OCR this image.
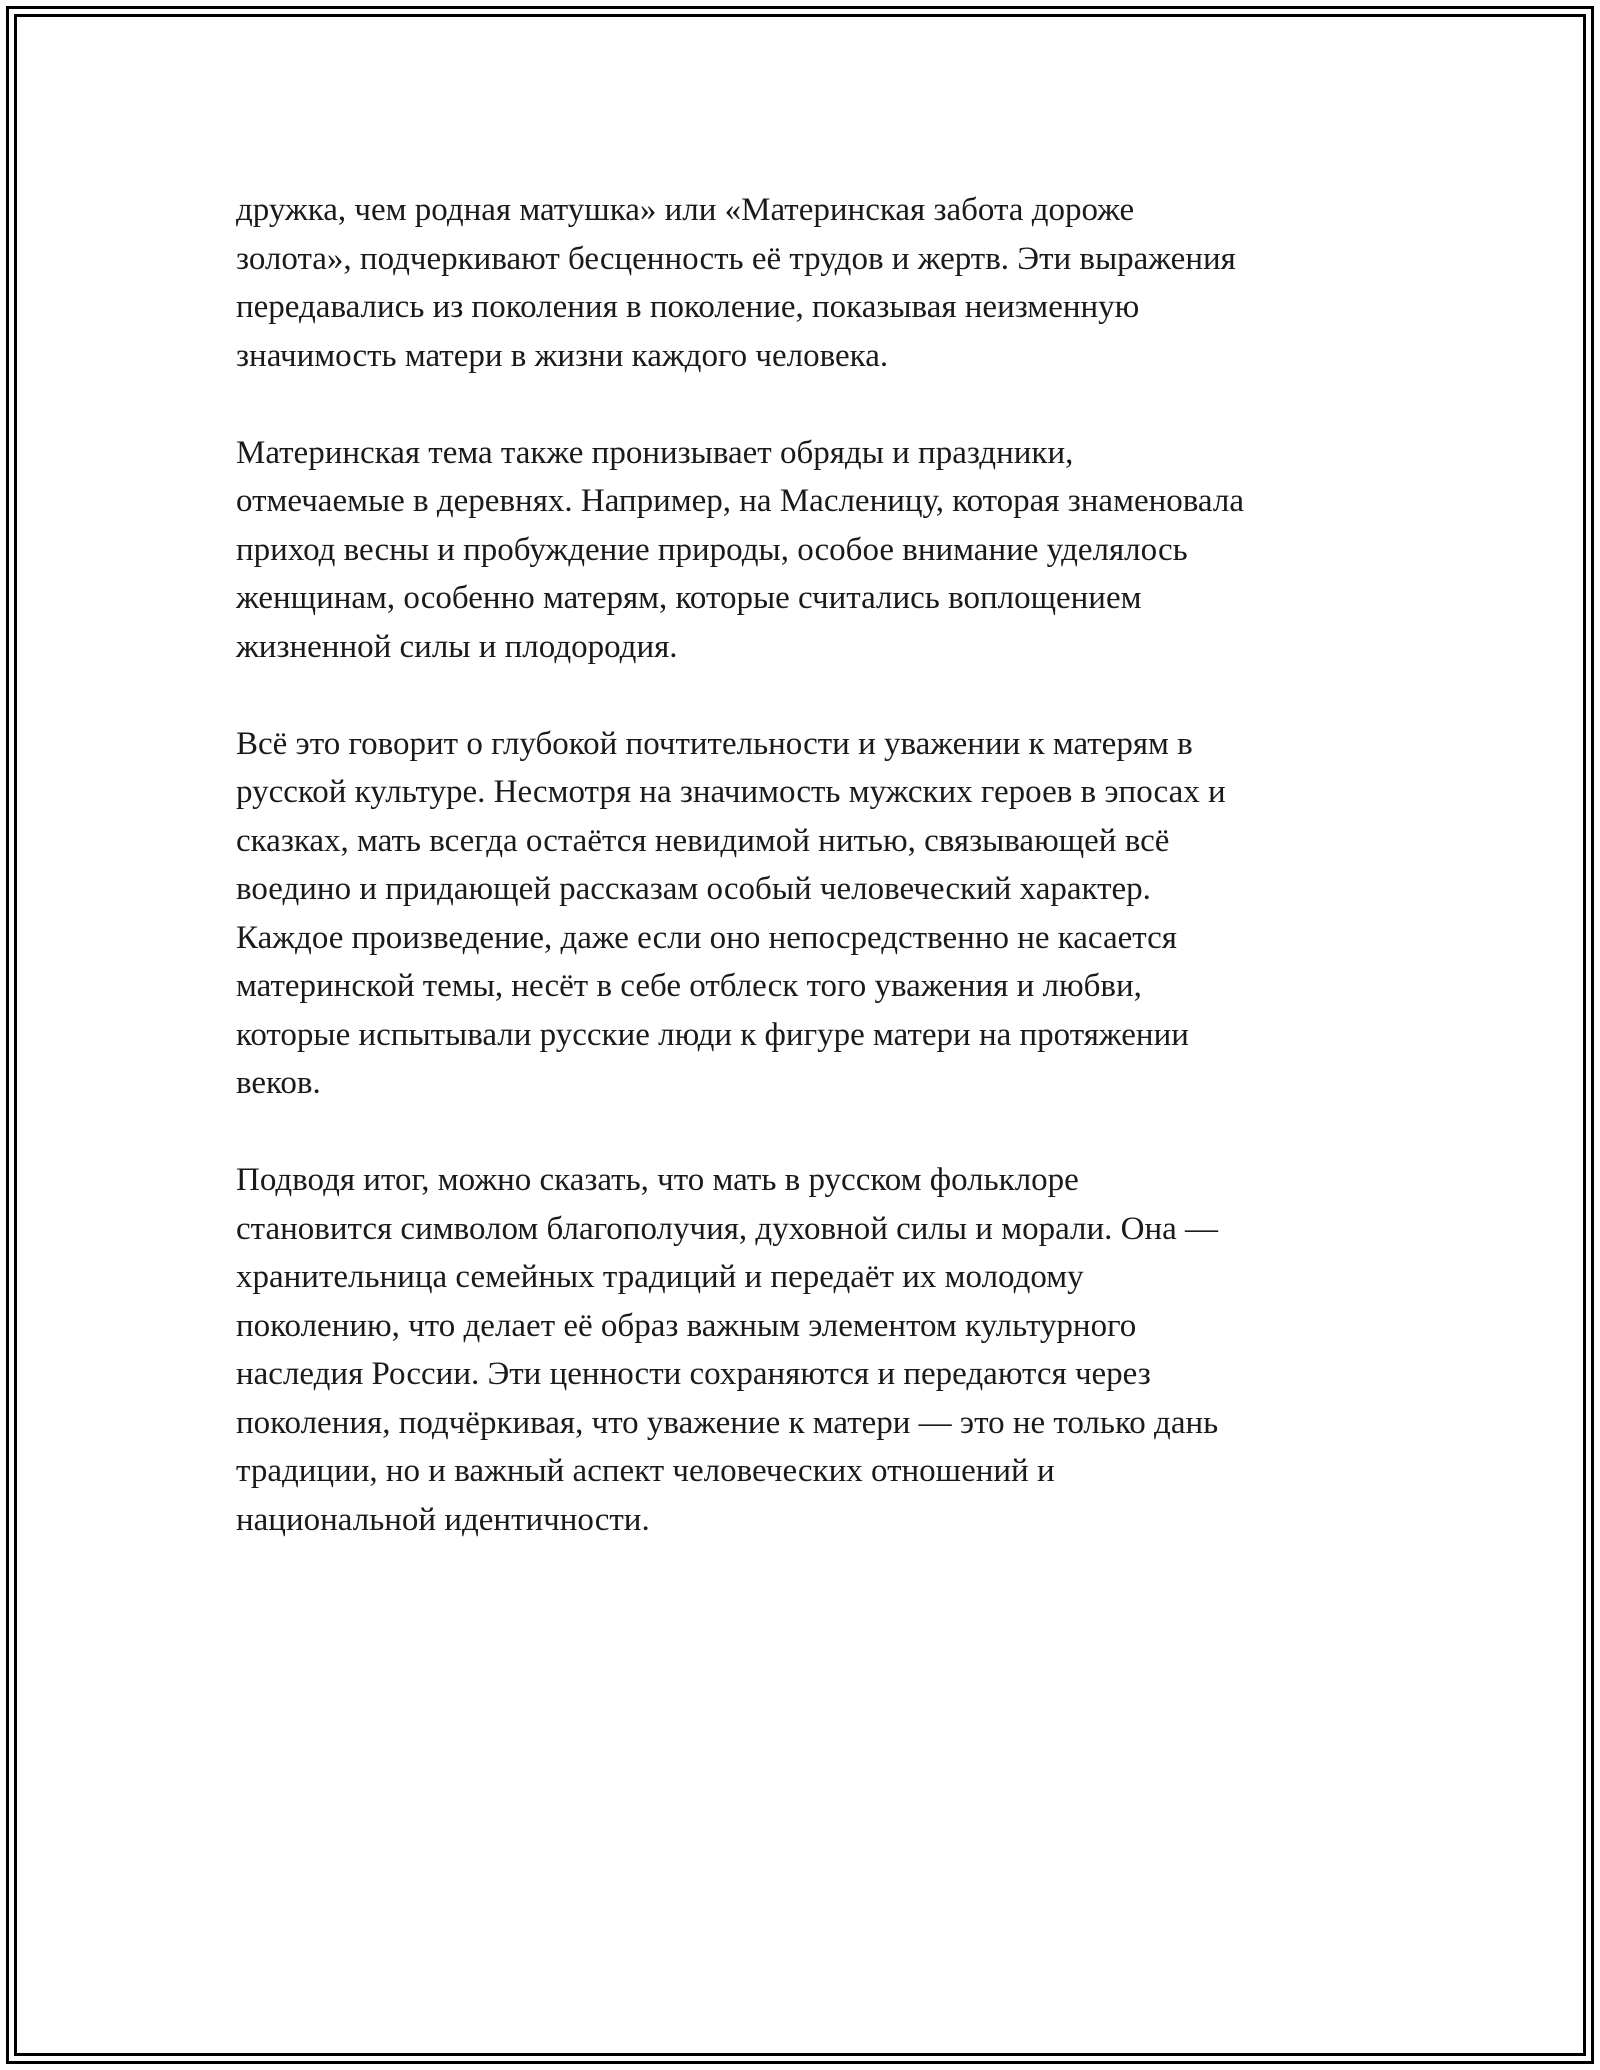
дружка, чем родная матушка» или «Материнская забота дороже
золота», подчеркивают бесценность её трудов и жертв. Эти выражения
передавались из поколения в поколение, показывая неизменную
значимость матери в жизни каждого человека.

Материнская тема также пронизывает обряды и праздники,
отмечаемые в деревнях. Например, на Масленицу, которая знаменовала
приход весны и пробуждение природы, особое внимание уделялось
женщинам, особенно матерям, которые считались воплощением
жизненной силы и плодородия.

Всё это говорит о глубокой почтительности и уважении к матерям в
русской культуре. Несмотря на значимость мужских героев в эпосах и
сказках, мать всегда остаётся невидимой нитью, связывающей всё
воедино и придающей рассказам особый человеческий характер.
Каждое произведение, даже если оно непосредственно не касается
материнской темы, несёт в себе отблеск того уважения и любви,
которые испытывали русские люди к фигуре матери на протяжении
веков.

Подводя итог, можно сказать, что мать в русском фольклоре
становится символом благополучия, духовной силы и морали. Она —
хранительница семейных традиций и передаёт их молодому
поколению, что делает её образ важным элементом культурного
наследия России. Эти ценности сохраняются и передаются через
поколения, подчёркивая, что уважение к матери — это не только дань
традиции, но и важный аспект человеческих отношений и
национальной идентичности.
